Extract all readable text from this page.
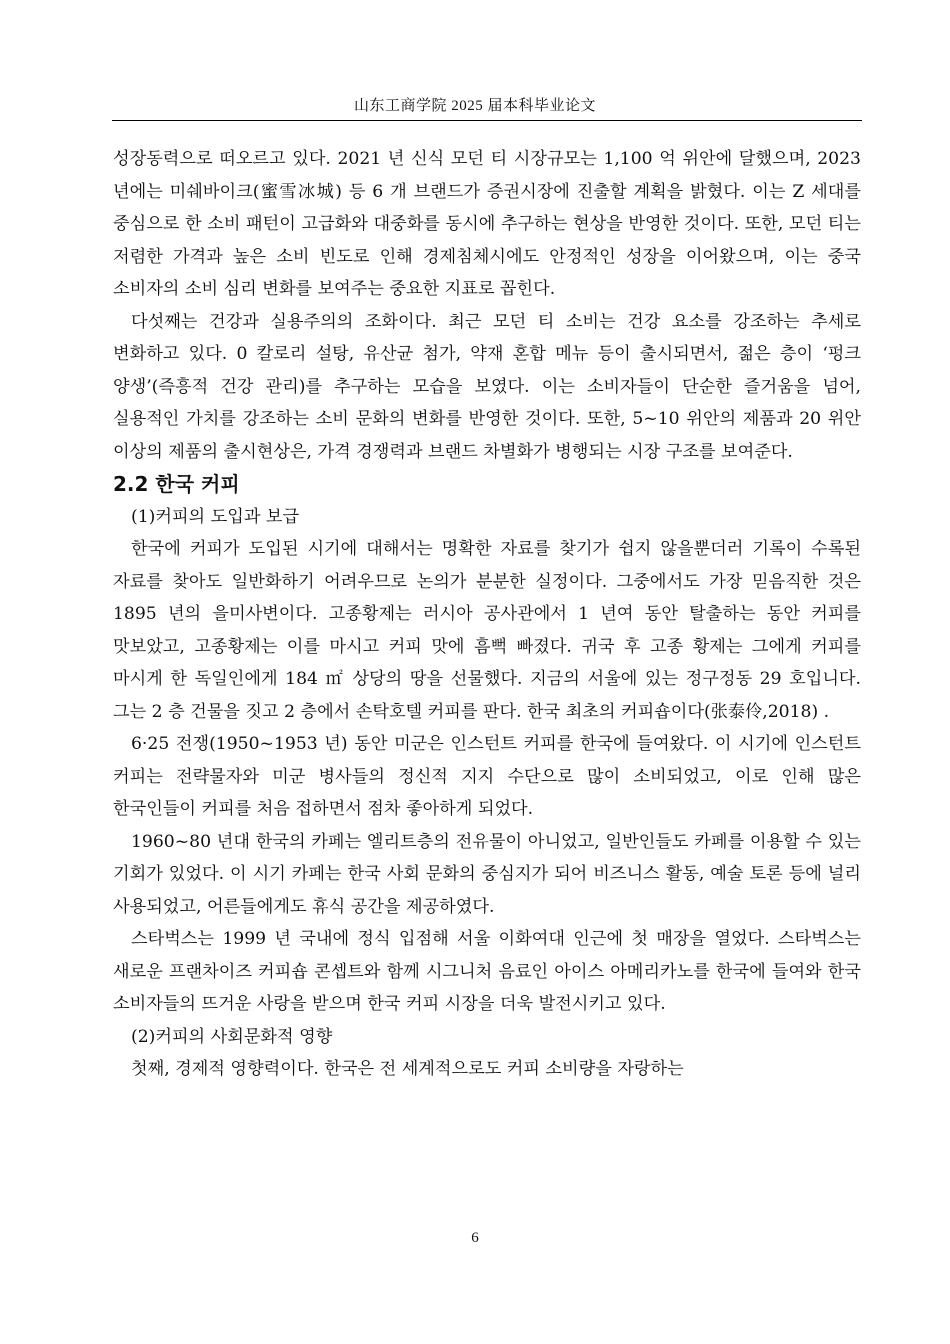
山东工商学院 2025 届本科毕业论文

성장동력으로 떠오르고 있다. 2021 년 신식 모던 티 시장규모는 1,100 억 위안에 달했으며, 2023 년에는 미쉐바이크(蜜雪冰城) 등 6 개 브랜드가 증권시장에 진출할 계획을 밝혔다. 이는 Z 세대를 중심으로 한 소비 패턴이 고급화와 대중화를 동시에 추구하는 현상을 반영한 것이다. 또한, 모던 티는 저렴한 가격과 높은 소비 빈도로 인해 경제침체시에도 안정적인 성장을 이어왔으며, 이는 중국 소비자의 소비 심리 변화를 보여주는 중요한 지표로 꼽힌다.

다섯째는 건강과 실용주의의 조화이다. 최근 모던 티 소비는 건강 요소를 강조하는 추세로 변화하고 있다. 0 칼로리 설탕, 유산균 첨가, 약재 혼합 메뉴 등이 출시되면서, 젊은 층이 ‘펑크 양생’(즉흥적 건강 관리)를 추구하는 모습을 보였다. 이는 소비자들이 단순한 즐거움을 넘어, 실용적인 가치를 강조하는 소비 문화의 변화를 반영한 것이다. 또한, 5~10 위안의 제품과 20 위안 이상의 제품의 출시현상은, 가격 경쟁력과 브랜드 차별화가 병행되는 시장 구조를 보여준다.

2.2 한국 커피

(1)커피의 도입과 보급

한국에 커피가 도입된 시기에 대해서는 명확한 자료를 찾기가 쉽지 않을뿐더러 기록이 수록된 자료를 찾아도 일반화하기 어려우므로 논의가 분분한 실정이다. 그중에서도 가장 믿음직한 것은 1895 년의 을미사변이다. 고종황제는 러시아 공사관에서 1 년여 동안 탈출하는 동안 커피를 맛보았고, 고종황제는 이를 마시고 커피 맛에 흠뻑 빠졌다. 귀국 후 고종 황제는 그에게 커피를 마시게 한 독일인에게 184 ㎡ 상당의 땅을 선물했다. 지금의 서울에 있는 정구정동 29 호입니다. 그는 2 층 건물을 짓고 2 층에서 손탁호텔 커피를 판다. 한국 최초의 커피숍이다(张泰伶,2018) .

6·25 전쟁(1950~1953 년) 동안 미군은 인스턴트 커피를 한국에 들여왔다. 이 시기에 인스턴트 커피는 전략물자와 미군 병사들의 정신적 지지 수단으로 많이 소비되었고, 이로 인해 많은 한국인들이 커피를 처음 접하면서 점차 좋아하게 되었다.

1960~80 년대 한국의 카페는 엘리트층의 전유물이 아니었고, 일반인들도 카페를 이용할 수 있는 기회가 있었다. 이 시기 카페는 한국 사회 문화의 중심지가 되어 비즈니스 활동, 예술 토론 등에 널리 사용되었고, 어른들에게도 휴식 공간을 제공하였다.

스타벅스는 1999 년 국내에 정식 입점해 서울 이화여대 인근에 첫 매장을 열었다. 스타벅스는 새로운 프랜차이즈 커피숍 콘셉트와 함께 시그니처 음료인 아이스 아메리카노를 한국에 들여와 한국 소비자들의 뜨거운 사랑을 받으며 한국 커피 시장을 더욱 발전시키고 있다.

(2)커피의 사회문화적 영향

첫째, 경제적 영향력이다. 한국은 전 세계적으로도 커피 소비량을 자랑하는

6
